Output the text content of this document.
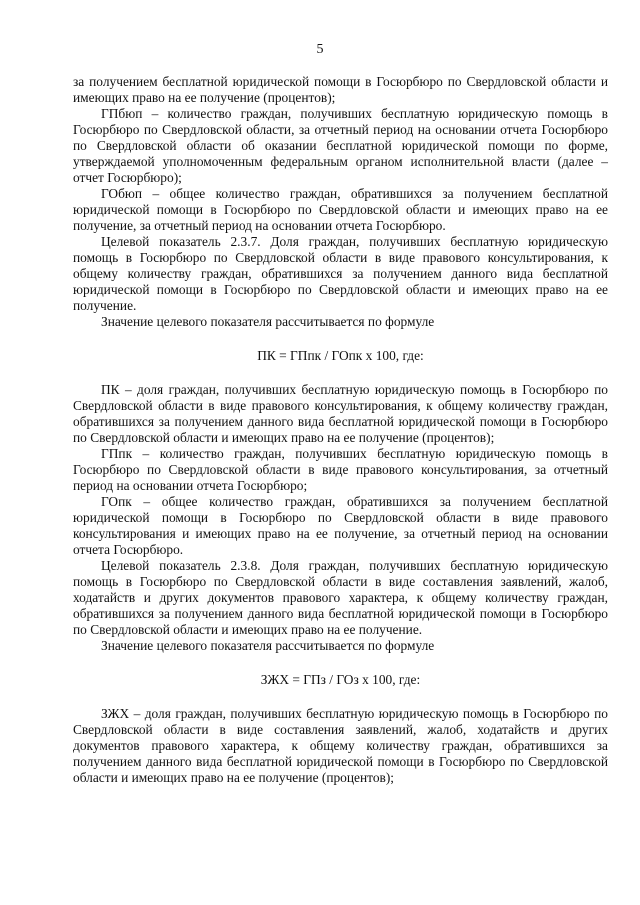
5

за получением бесплатной юридической помощи в Госюрбюро по Свердловской области и имеющих право на ее получение (процентов);

ГПбюп – количество граждан, получивших бесплатную юридическую помощь в Госюрбюро по Свердловской области, за отчетный период на основании отчета Госюрбюро по Свердловской области об оказании бесплатной юридической помощи по форме, утверждаемой уполномоченным федеральным органом исполнительной власти (далее – отчет Госюрбюро);

ГОбюп – общее количество граждан, обратившихся за получением бесплатной юридической помощи в Госюрбюро по Свердловской области и имеющих право на ее получение, за отчетный период на основании отчета Госюрбюро.

Целевой показатель 2.3.7. Доля граждан, получивших бесплатную юридическую помощь в Госюрбюро по Свердловской области в виде правового консультирования, к общему количеству граждан, обратившихся за получением данного вида бесплатной юридической помощи в Госюрбюро по Свердловской области и имеющих право на ее получение.

Значение целевого показателя рассчитывается по формуле

ПК = ГПпк / ГОпк x 100, где:

ПК – доля граждан, получивших бесплатную юридическую помощь в Госюрбюро по Свердловской области в виде правового консультирования, к общему количеству граждан, обратившихся за получением данного вида бесплатной юридической помощи в Госюрбюро по Свердловской области и имеющих право на ее получение (процентов);

ГПпк – количество граждан, получивших бесплатную юридическую помощь в Госюрбюро по Свердловской области в виде правового консультирования, за отчетный период на основании отчета Госюрбюро;

ГОпк – общее количество граждан, обратившихся за получением бесплатной юридической помощи в Госюрбюро по Свердловской области в виде правового консультирования и имеющих право на ее получение, за отчетный период на основании отчета Госюрбюро.

Целевой показатель 2.3.8. Доля граждан, получивших бесплатную юридическую помощь в Госюрбюро по Свердловской области в виде составления заявлений, жалоб, ходатайств и других документов правового характера, к общему количеству граждан, обратившихся за получением данного вида бесплатной юридической помощи в Госюрбюро по Свердловской области и имеющих право на ее получение.

Значение целевого показателя рассчитывается по формуле

ЗЖХ = ГПз / ГОз x 100, где:

ЗЖХ – доля граждан, получивших бесплатную юридическую помощь в Госюрбюро по Свердловской области в виде составления заявлений, жалоб, ходатайств и других документов правового характера, к общему количеству граждан, обратившихся за получением данного вида бесплатной юридической помощи в Госюрбюро по Свердловской области и имеющих право на ее получение (процентов);
